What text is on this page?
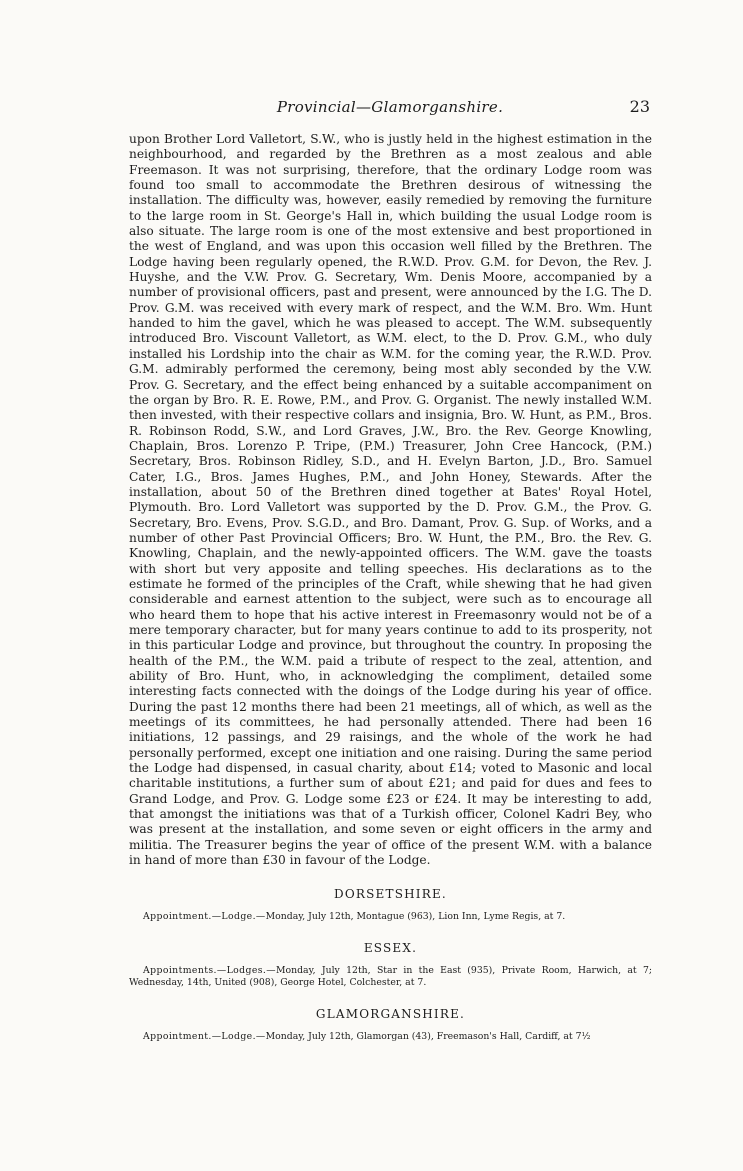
Provincial—Glamorganshire.	23

upon Brother Lord Valletort, S.W., who is justly held in the highest estimation in the neighbourhood, and regarded by the Brethren as a most zealous and able Freemason. It was not surprising, therefore, that the ordinary Lodge room was found too small to accommodate the Brethren desirous of witnessing the installation. The difficulty was, however, easily remedied by removing the furniture to the large room in St. George's Hall in, which building the usual Lodge room is also situate. The large room is one of the most extensive and best proportioned in the west of England, and was upon this occasion well filled by the Brethren. The Lodge having been regularly opened, the R.W.D. Prov. G.M. for Devon, the Rev. J. Huyshe, and the V.W. Prov. G. Secretary, Wm. Denis Moore, accompanied by a number of provisional officers, past and present, were announced by the I.G. The D. Prov. G.M. was received with every mark of respect, and the W.M. Bro. Wm. Hunt handed to him the gavel, which he was pleased to accept. The W.M. subsequently introduced Bro. Viscount Valletort, as W.M. elect, to the D. Prov. G.M., who duly installed his Lordship into the chair as W.M. for the coming year, the R.W.D. Prov. G.M. admirably performed the ceremony, being most ably seconded by the V.W. Prov. G. Secretary, and the effect being enhanced by a suitable accompaniment on the organ by Bro. R. E. Rowe, P.M., and Prov. G. Organist. The newly installed W.M. then invested, with their respective collars and insignia, Bro. W. Hunt, as P.M., Bros. R. Robinson Rodd, S.W., and Lord Graves, J.W., Bro. the Rev. George Knowling, Chaplain, Bros. Lorenzo P. Tripe, (P.M.) Treasurer, John Cree Hancock, (P.M.) Secretary, Bros. Robinson Ridley, S.D., and H. Evelyn Barton, J.D., Bro. Samuel Cater, I.G., Bros. James Hughes, P.M., and John Honey, Stewards. After the installation, about 50 of the Brethren dined together at Bates' Royal Hotel, Plymouth. Bro. Lord Valletort was supported by the D. Prov. G.M., the Prov. G. Secretary, Bro. Evens, Prov. S.G.D., and Bro. Damant, Prov. G. Sup. of Works, and a number of other Past Provincial Officers; Bro. W. Hunt, the P.M., Bro. the Rev. G. Knowling, Chaplain, and the newly-appointed officers. The W.M. gave the toasts with short but very apposite and telling speeches. His declarations as to the estimate he formed of the principles of the Craft, while shewing that he had given considerable and earnest attention to the subject, were such as to encourage all who heard them to hope that his active interest in Freemasonry would not be of a mere temporary character, but for many years continue to add to its prosperity, not in this particular Lodge and province, but throughout the country. In proposing the health of the P.M., the W.M. paid a tribute of respect to the zeal, attention, and ability of Bro. Hunt, who, in acknowledging the compliment, detailed some interesting facts connected with the doings of the Lodge during his year of office. During the past 12 months there had been 21 meetings, all of which, as well as the meetings of its committees, he had personally attended. There had been 16 initiations, 12 passings, and 29 raisings, and the whole of the work he had personally performed, except one initiation and one raising. During the same period the Lodge had dispensed, in casual charity, about £14; voted to Masonic and local charitable institutions, a further sum of about £21; and paid for dues and fees to Grand Lodge, and Prov. G. Lodge some £23 or £24. It may be interesting to add, that amongst the initiations was that of a Turkish officer, Colonel Kadri Bey, who was present at the installation, and some seven or eight officers in the army and militia. The Treasurer begins the year of office of the present W.M. with a balance in hand of more than £30 in favour of the Lodge.

DORSETSHIRE.

Appointment.—Lodge.—Monday, July 12th, Montague (963), Lion Inn, Lyme Regis, at 7.

ESSEX.

Appointments.—Lodges.—Monday, July 12th, Star in the East (935), Private Room, Harwich, at 7; Wednesday, 14th, United (908), George Hotel, Colchester, at 7.

GLAMORGANSHIRE.

Appointment.—Lodge.—Monday, July 12th, Glamorgan (43), Freemason's Hall, Cardiff, at 7½
